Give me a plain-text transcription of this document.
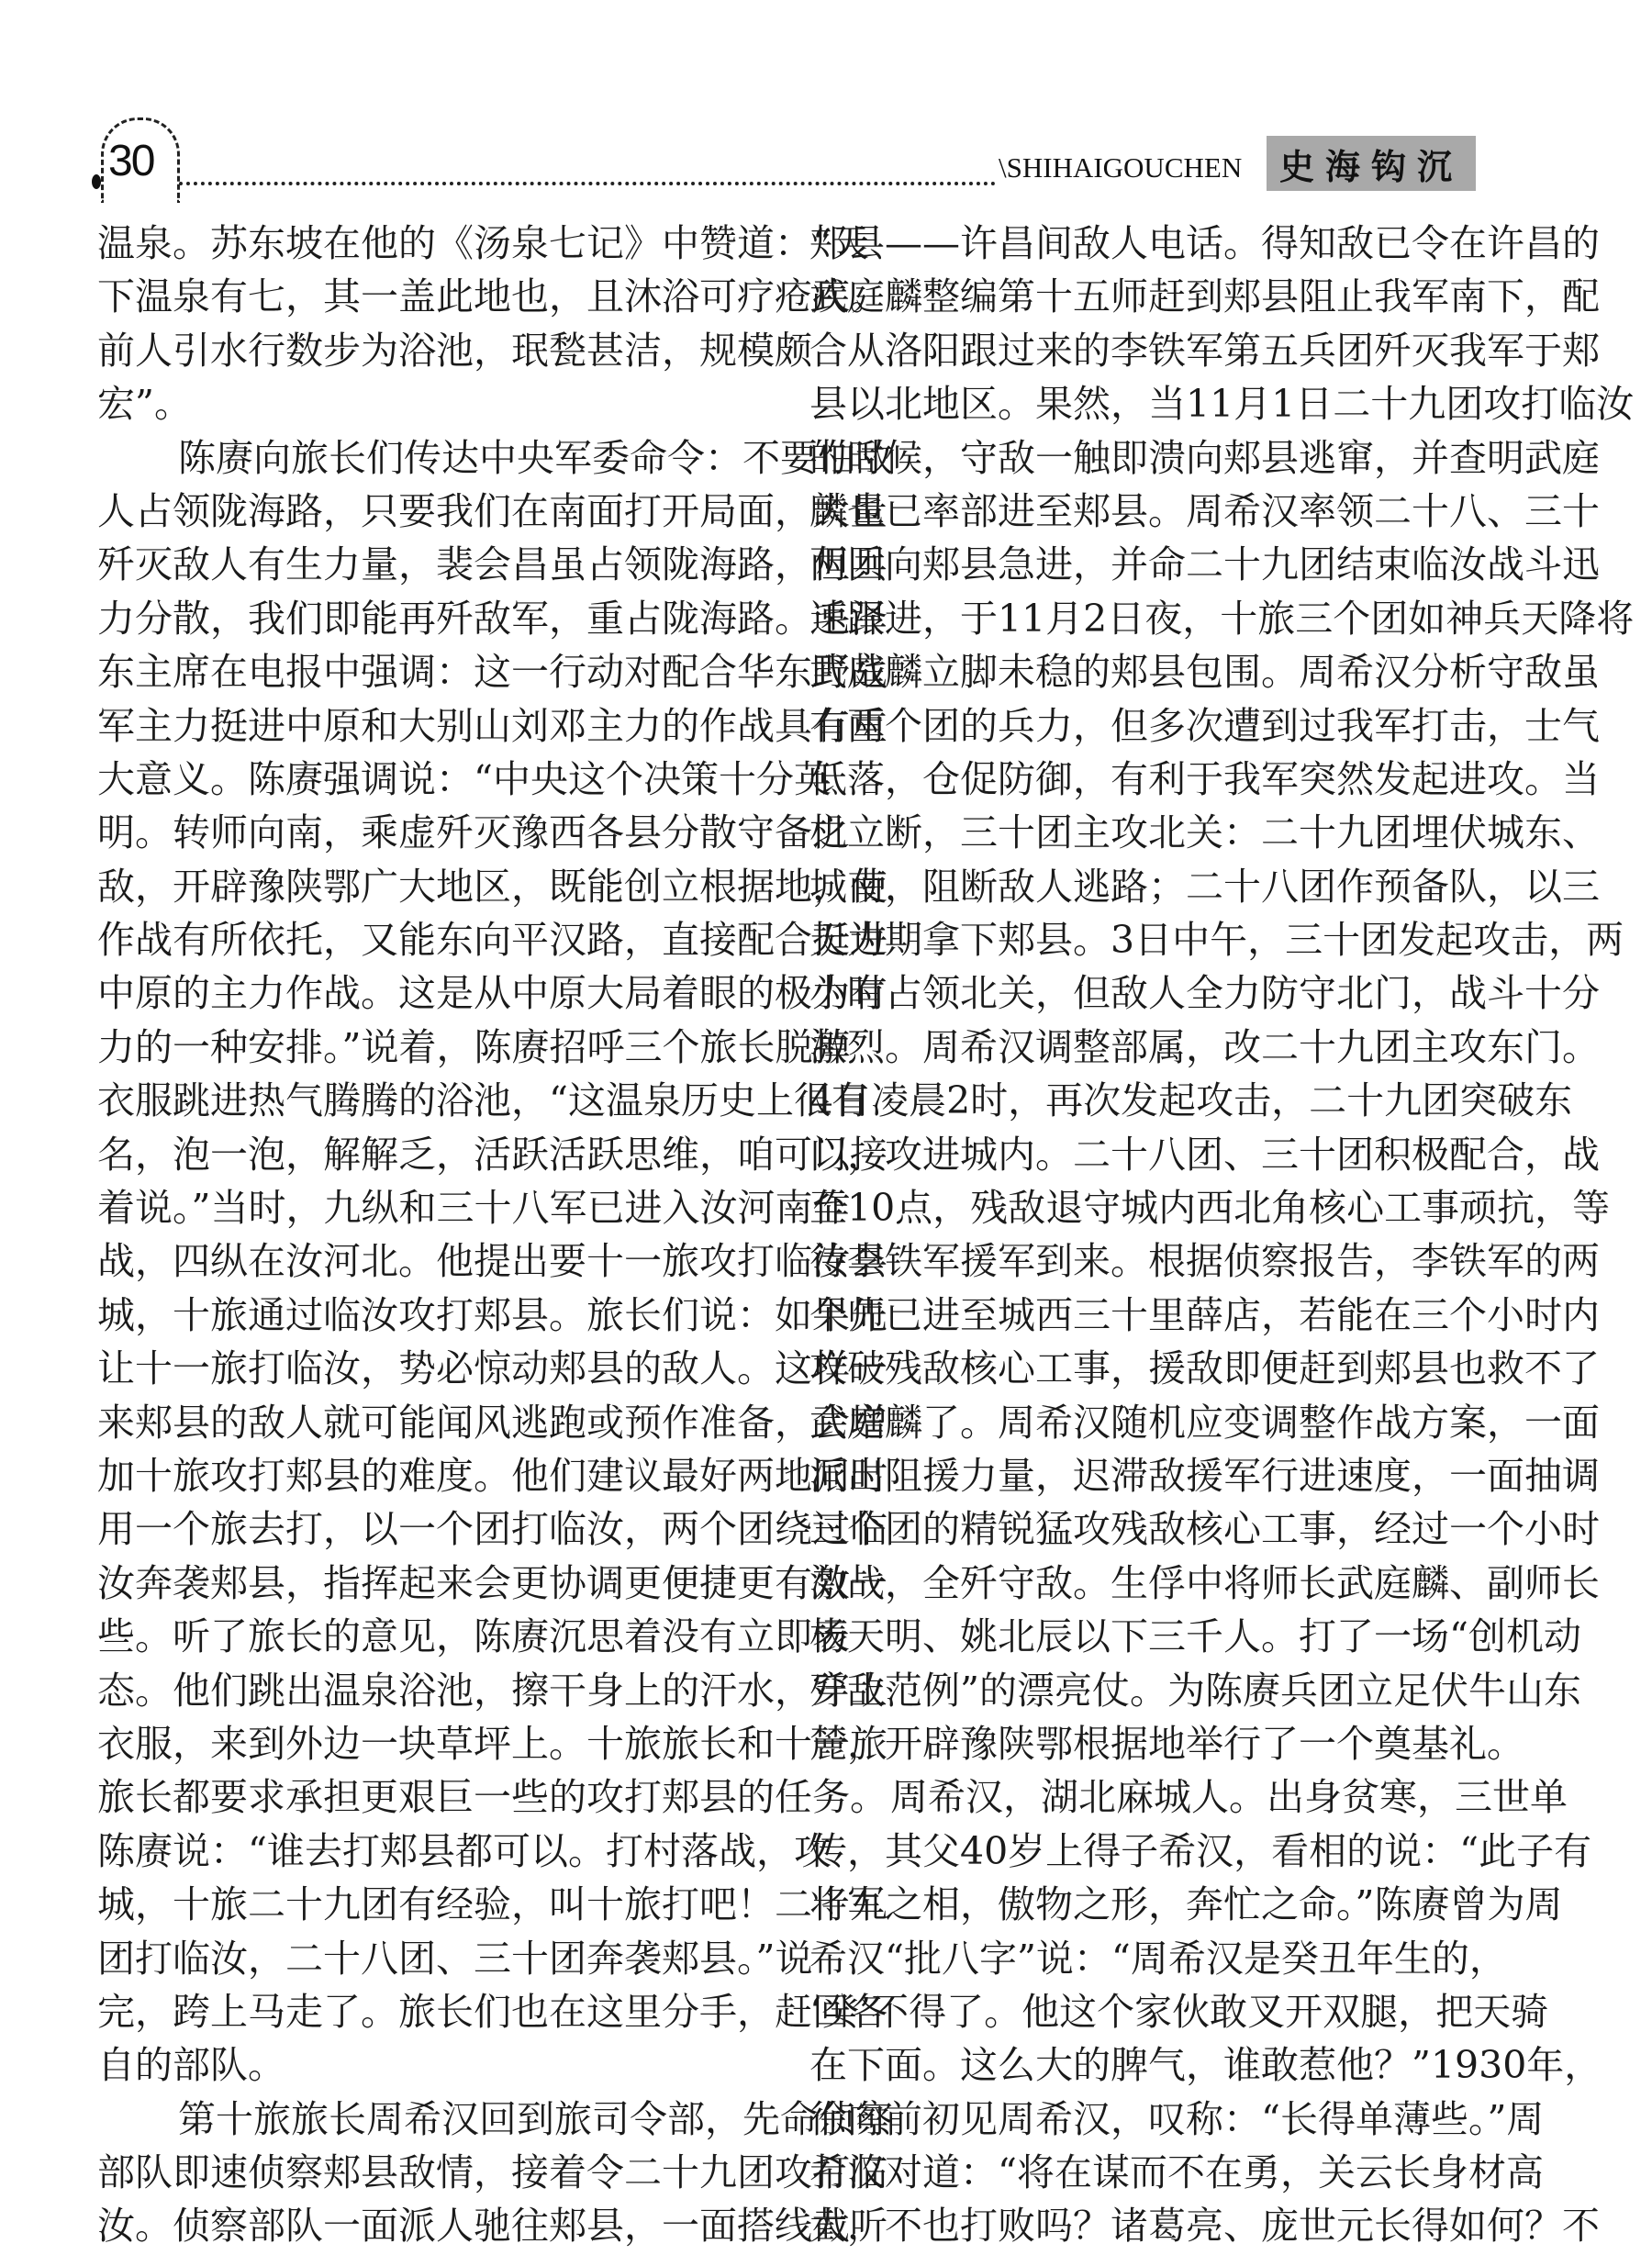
30	\SHIHAIGOUCHEN 史海钩沉
温泉。苏东坡在他的《汤泉七记》中赞道：“天
下温泉有七，其一盖此地也，且沐浴可疗疮疾。
前人引水行数步为浴池，珉甃甚洁，规模颇
宏”。
陈赓向旅长们传达中央军委命令：不要怕敌
人占领陇海路，只要我们在南面打开局面，大量
歼灭敌人有生力量，裴会昌虽占领陇海路，但兵
力分散，我们即能再歼敌军，重占陇海路。毛泽
东主席在电报中强调：这一行动对配合华东野战
军主力挺进中原和大别山刘邓主力的作战具有重
大意义。陈赓强调说：“中央这个决策十分英
明。转师向南，乘虚歼灭豫西各县分散守备之
敌，开辟豫陕鄂广大地区，既能创立根据地，使
作战有所依托，又能东向平汉路，直接配合挺进
中原的主力作战。这是从中原大局着眼的极为有
力的一种安排。”说着，陈赓招呼三个旅长脱掉
衣服跳进热气腾腾的浴池，“这温泉历史上很有
名，泡一泡，解解乏，活跃活跃思维，咱可以接
着说。”当时，九纵和三十八军已进入汝河南作
战，四纵在汝河北。他提出要十一旅攻打临汝县
城，十旅通过临汝攻打郏县。旅长们说：如果先
让十一旅打临汝，势必惊动郏县的敌人。这样一
来郏县的敌人就可能闻风逃跑或预作准备，会增
加十旅攻打郏县的难度。他们建议最好两地同时
用一个旅去打，以一个团打临汝，两个团绕过临
汝奔袭郏县，指挥起来会更协调更便捷更有效一
些。听了旅长的意见，陈赓沉思着没有立即表
态。他们跳出温泉浴池，擦干身上的汗水，穿上
衣服，来到外边一块草坪上。十旅旅长和十一旅
旅长都要求承担更艰巨一些的攻打郏县的任务。
陈赓说：“谁去打郏县都可以。打村落战，攻
城，十旅二十九团有经验，叫十旅打吧！二十九
团打临汝，二十八团、三十团奔袭郏县。”说
完，跨上马走了。旅长们也在这里分手，赶回各
自的部队。
第十旅旅长周希汉回到旅司令部，先命侦察
部队即速侦察郏县敌情，接着令二十九团攻打临
汝。侦察部队一面派人驰往郏县，一面搭线截听
郏县——许昌间敌人电话。得知敌已令在许昌的
武庭麟整编第十五师赶到郏县阻止我军南下，配
合从洛阳跟过来的李铁军第五兵团歼灭我军于郏
县以北地区。果然，当11月1日二十九团攻打临汝
的时候，守敌一触即溃向郏县逃窜，并查明武庭
麟也已率部进至郏县。周希汉率领二十八、三十
两团向郏县急进，并命二十九团结束临汝战斗迅
速跟进，于11月2日夜，十旅三个团如神兵天降将
武庭麟立脚未稳的郏县包围。周希汉分析守敌虽
有两个团的兵力，但多次遭到过我军打击，士气
低落，仓促防御，有利于我军突然发起进攻。当
机立断，三十团主攻北关：二十九团埋伏城东、
城南，阻断敌人逃路；二十八团作预备队，以三
天为期拿下郏县。3日中午，三十团发起攻击，两
小时占领北关，但敌人全力防守北门，战斗十分
激烈。周希汉调整部属，改二十九团主攻东门。
4日凌晨2时，再次发起攻击，二十九团突破东
门，攻进城内。二十八团、三十团积极配合，战
至10点，残敌退守城内西北角核心工事顽抗，等
待李铁军援军到来。根据侦察报告，李铁军的两
个师已进至城西三十里薛店，若能在三个小时内
攻破残敌核心工事，援敌即便赶到郏县也救不了
武庭麟了。周希汉随机应变调整作战方案，一面
派出阻援力量，迟滞敌援军行进速度，一面抽调
三个团的精锐猛攻残敌核心工事，经过一个小时
激战，全歼守敌。生俘中将师长武庭麟、副师长
杨天明、姚北辰以下三千人。打了一场“创机动
歼敌范例”的漂亮仗。为陈赓兵团立足伏牛山东
麓，开辟豫陕鄂根据地举行了一个奠基礼。
周希汉，湖北麻城人。出身贫寒，三世单
传，其父40岁上得子希汉，看相的说：“此子有
将军之相，傲物之形，奔忙之命。”陈赓曾为周
希汉“批八字”说：“周希汉是癸丑年生的，
‘癸’不得了。他这个家伙敢叉开双腿，把天骑
在下面。这么大的脾气，谁敢惹他？”1930年，
徐向前初见周希汉，叹称：“长得单薄些。”周
希汉对道：“将在谋而不在勇，关云长身材高
大，不也打败吗？诸葛亮、庞世元长得如何？不
